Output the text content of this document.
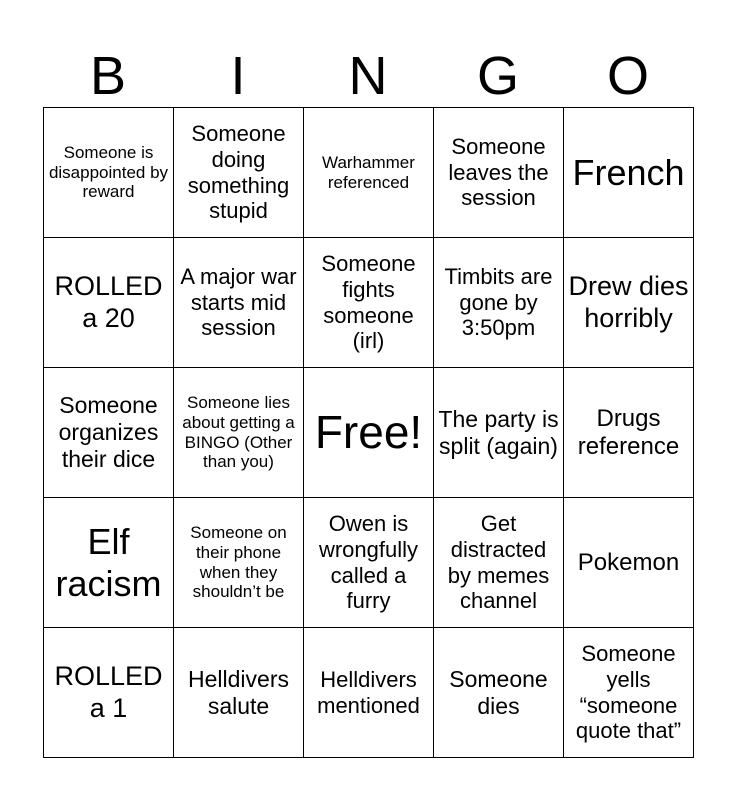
B	I	N	G	O
Someone is disappointed by reward	Someone doing something stupid	Warhammer referenced	Someone leaves the session	French
ROLLED a 20	A major war starts mid session	Someone fights someone (irl)	Timbits are gone by 3:50pm	Drew dies horribly
Someone organizes their dice	Someone lies about getting a BINGO (Other than you)	Free!	The party is split (again)	Drugs reference
Elf racism	Someone on their phone when they shouldn’t be	Owen is wrongfully called a furry	Get distracted by memes channel	Pokemon
ROLLED a 1	Helldivers salute	Helldivers mentioned	Someone dies	Someone yells “someone quote that”
